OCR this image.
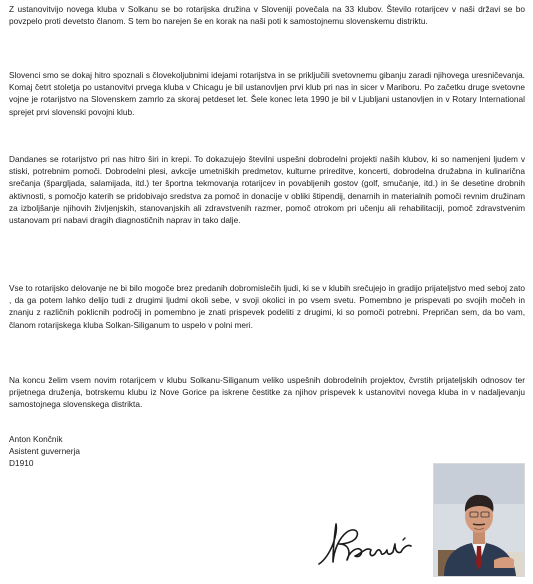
Z ustanovitvijo novega kluba v Solkanu se bo rotarijska družina v Sloveniji povečala na 33 klubov. Število rotarijcev v naši državi se bo povzpelo proti devetsto članom. S tem bo narejen še en korak na naši poti k samostojnemu slovenskemu distriktu.

Slovenci smo se dokaj hitro spoznali s človekoljubnimi idejami rotarijstva in se priključili svetovnemu gibanju zaradi njihovega uresničevanja. Komaj četrt stoletja po ustanovitvi prvega kluba v Chicagu je bil ustanovljen prvi klub pri nas in sicer v Mariboru. Po začetku druge svetovne vojne je rotarijstvo na Slovenskem zamrlo za skoraj petdeset let. Šele konec leta 1990 je bil v Ljubljani ustanovljen in v Rotary International sprejet prvi slovenski povojni klub.

Dandanes se rotarijstvo pri nas hitro širi in krepi. To dokazujejo številni uspešni dobrodelni projekti naših klubov, ki so namenjeni ljudem v stiski, potrebnim pomoči. Dobrodelni plesi, avkcije umetniških predmetov, kulturne prireditve, koncerti, dobrodelna družabna in kulinarična srečanja (špargljada, salamijada, itd.) ter športna tekmovanja rotarijcev in povabljenih gostov (golf, smučanje, itd.) in še desetine drobnih aktivnosti, s pomočjo katerih se pridobivajo sredstva za pomoč in donacije v obliki štipendij, denarnih in materialnih pomoči revnim družinam za izboljšanje njihovih življenjskih, stanovanjskih ali zdravstvenih razmer, pomoč otrokom pri učenju ali rehabilitaciji, pomoč zdravstvenim ustanovam pri nabavi dragih diagnostičnih naprav in tako dalje.

Vse to rotarijsko delovanje ne bi bilo mogoče brez predanih dobromislečih ljudi, ki se v klubih srečujejo in gradijo prijateljstvo med seboj zato , da ga potem lahko delijo tudi z drugimi ljudmi okoli sebe, v svoji okolici in po vsem svetu. Pomembno je prispevati po svojih močeh in znanju z različnih poklicnih področij in pomembno je znati prispevek podeliti z drugimi, ki so pomoči potrebni. Prepričan sem, da bo vam, članom rotarijskega kluba Solkan-Siliganum to uspelo v polni meri.

Na koncu želim vsem novim rotarijcem v klubu Solkanu-Siliganum veliko uspešnih dobrodelnih projektov, čvrstih prijateljskih odnosov ter prijetnega druženja, botrskemu klubu iz Nove Gorice pa iskrene čestitke za njihov prispevek k ustanovitvi novega kluba in v nadaljevanju samostojnega slovenskega distrikta.

Anton Končnik
Asistent guvernerja
D1910
